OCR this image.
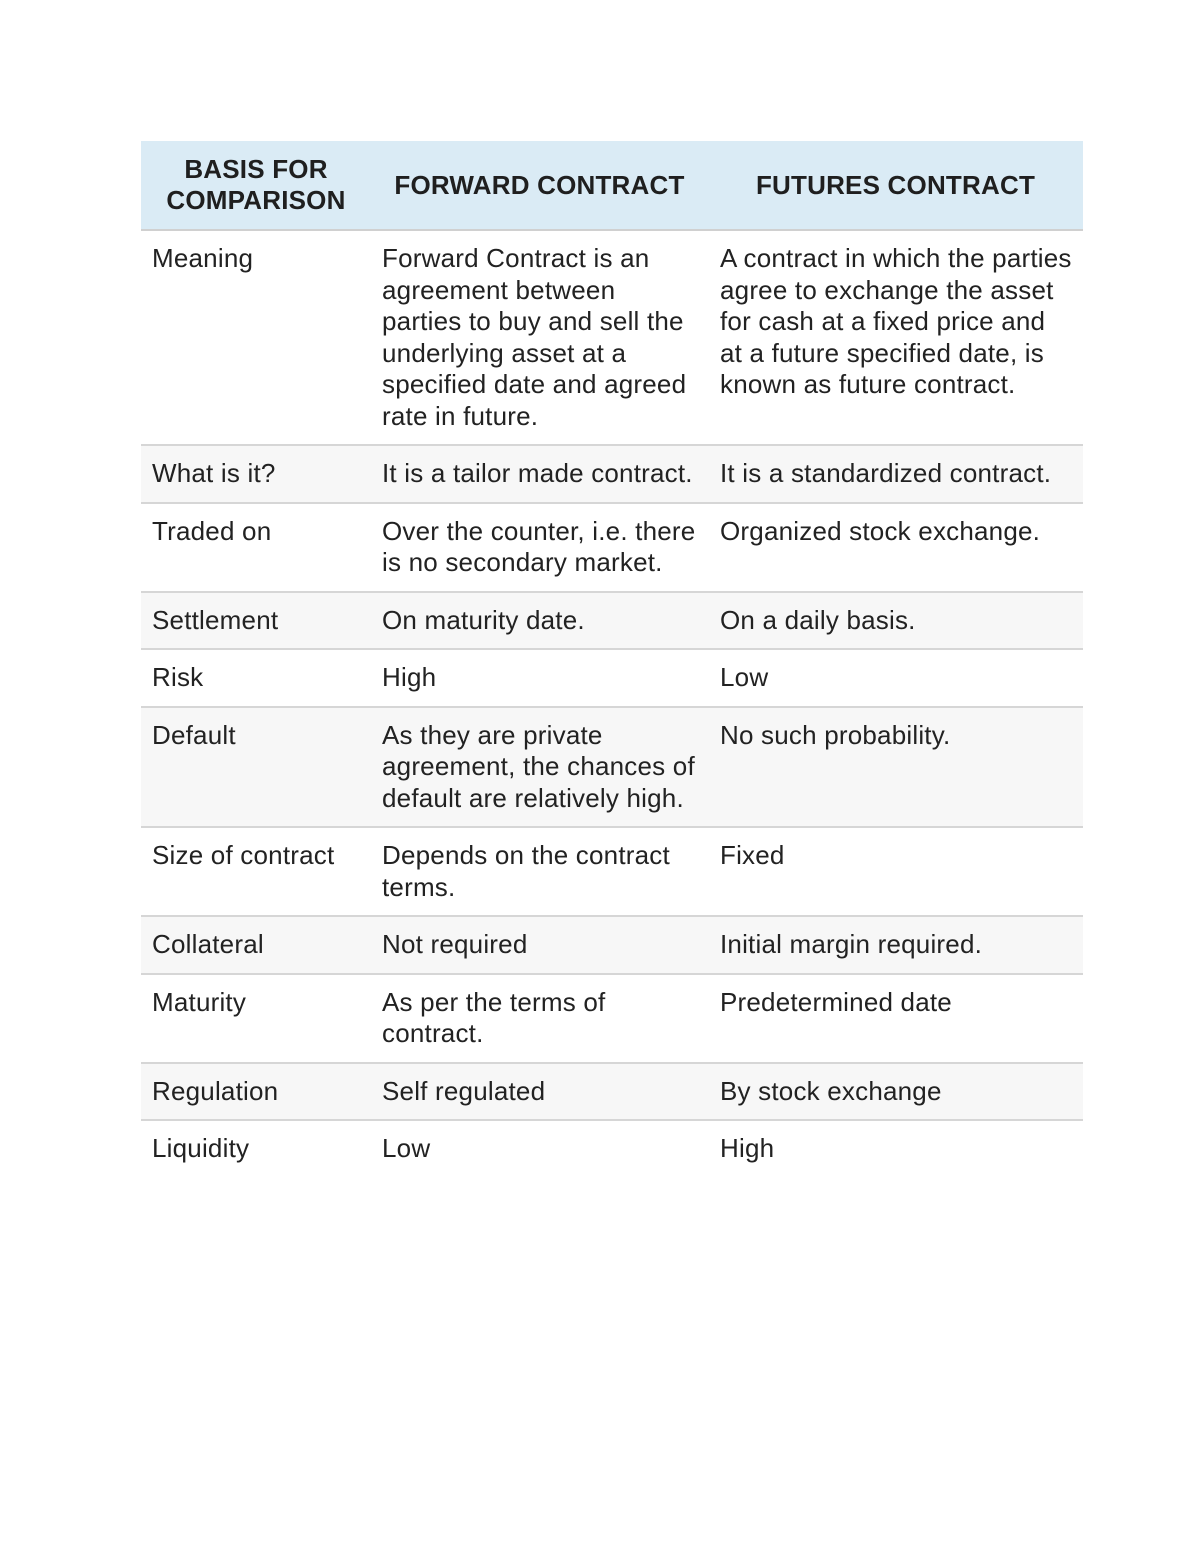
BASIS FOR COMPARISON	FORWARD CONTRACT	FUTURES CONTRACT
Meaning	Forward Contract is an agreement between parties to buy and sell the underlying asset at a specified date and agreed rate in future.	A contract in which the parties agree to exchange the asset for cash at a fixed price and at a future specified date, is known as future contract.
What is it?	It is a tailor made contract.	It is a standardized contract.
Traded on	Over the counter, i.e. there is no secondary market.	Organized stock exchange.
Settlement	On maturity date.	On a daily basis.
Risk	High	Low
Default	As they are private agreement, the chances of default are relatively high.	No such probability.
Size of contract	Depends on the contract terms.	Fixed
Collateral	Not required	Initial margin required.
Maturity	As per the terms of contract.	Predetermined date
Regulation	Self regulated	By stock exchange
Liquidity	Low	High
